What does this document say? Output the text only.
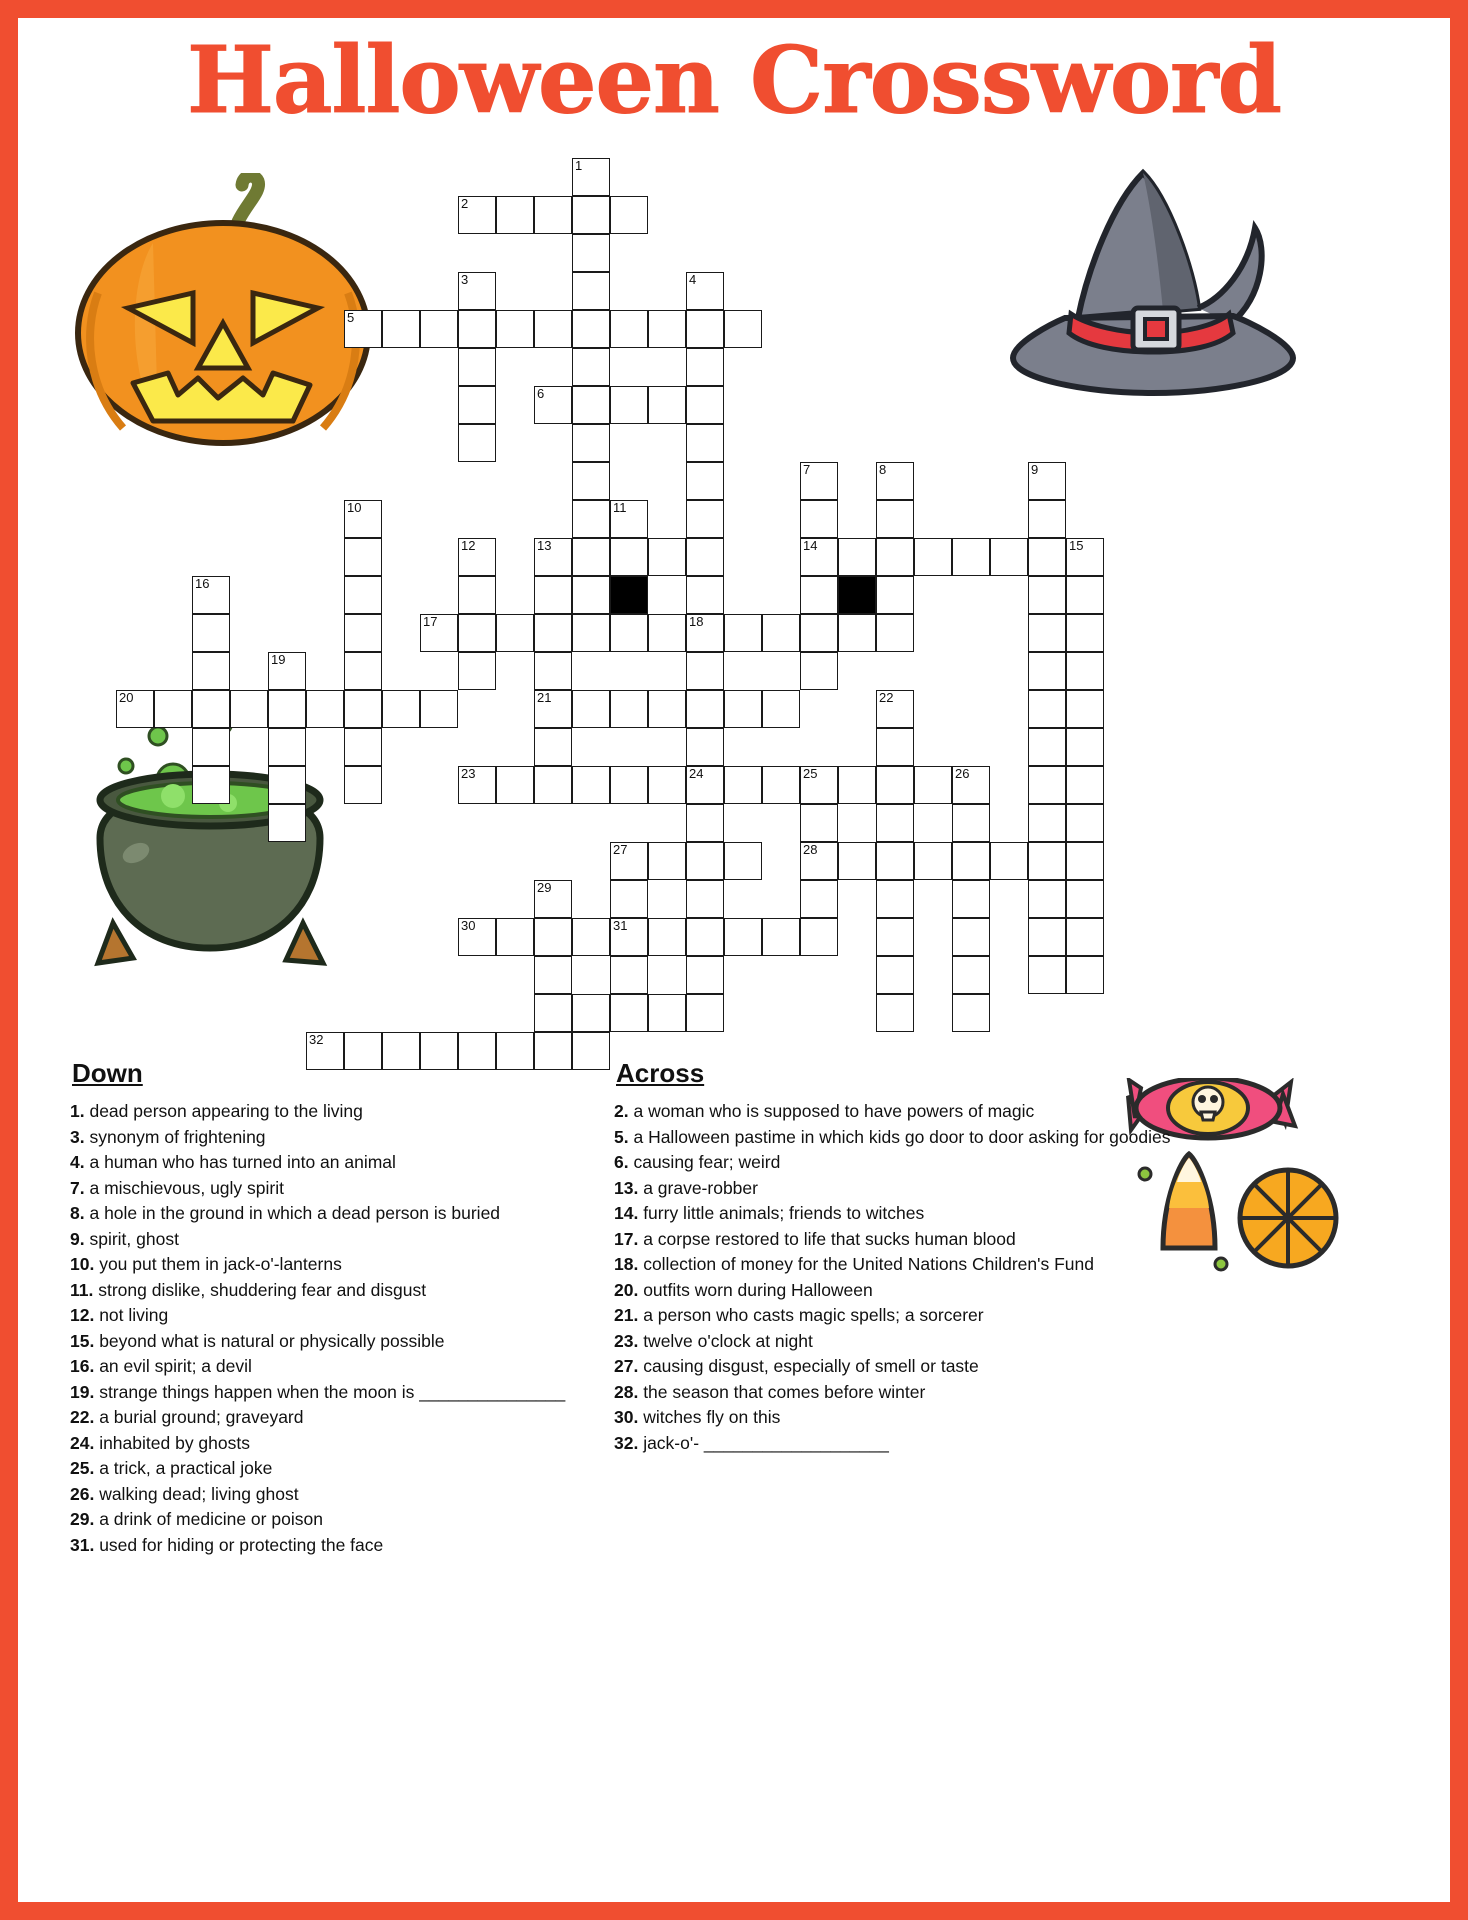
Halloween Crossword
1
2
3	4
5
6
7	8	9
10	11
12	13	14	15
16
17	18
19
20	21	22
23	24	25	26
27	28
29
30	31
32
Down
1. dead person appearing to the living
3. synonym of frightening
4. a human who has turned into an animal
7. a mischievous, ugly spirit
8. a hole in the ground in which a dead person is buried
9. spirit, ghost
10. you put them in jack-o'-lanterns
11. strong dislike, shuddering fear and disgust
12. not living
15. beyond what is natural or physically possible
16. an evil spirit; a devil
19. strange things happen when the moon is _______________
22. a burial ground; graveyard
24. inhabited by ghosts
25. a trick, a practical joke
26. walking dead; living ghost
29. a drink of medicine or poison
31. used for hiding or protecting the face
Across
2. a woman who is supposed to have powers of magic
5. a Halloween pastime in which kids go door to door asking for goodies
6. causing fear; weird
13. a grave-robber
14. furry little animals; friends to witches
17. a corpse restored to life that sucks human blood
18. collection of money for the United Nations Children's Fund
20. outfits worn during Halloween
21. a person who casts magic spells; a sorcerer
23. twelve o'clock at night
27. causing disgust, especially of smell or taste
28. the season that comes before winter
30. witches fly on this
32. jack-o'- ___________________
